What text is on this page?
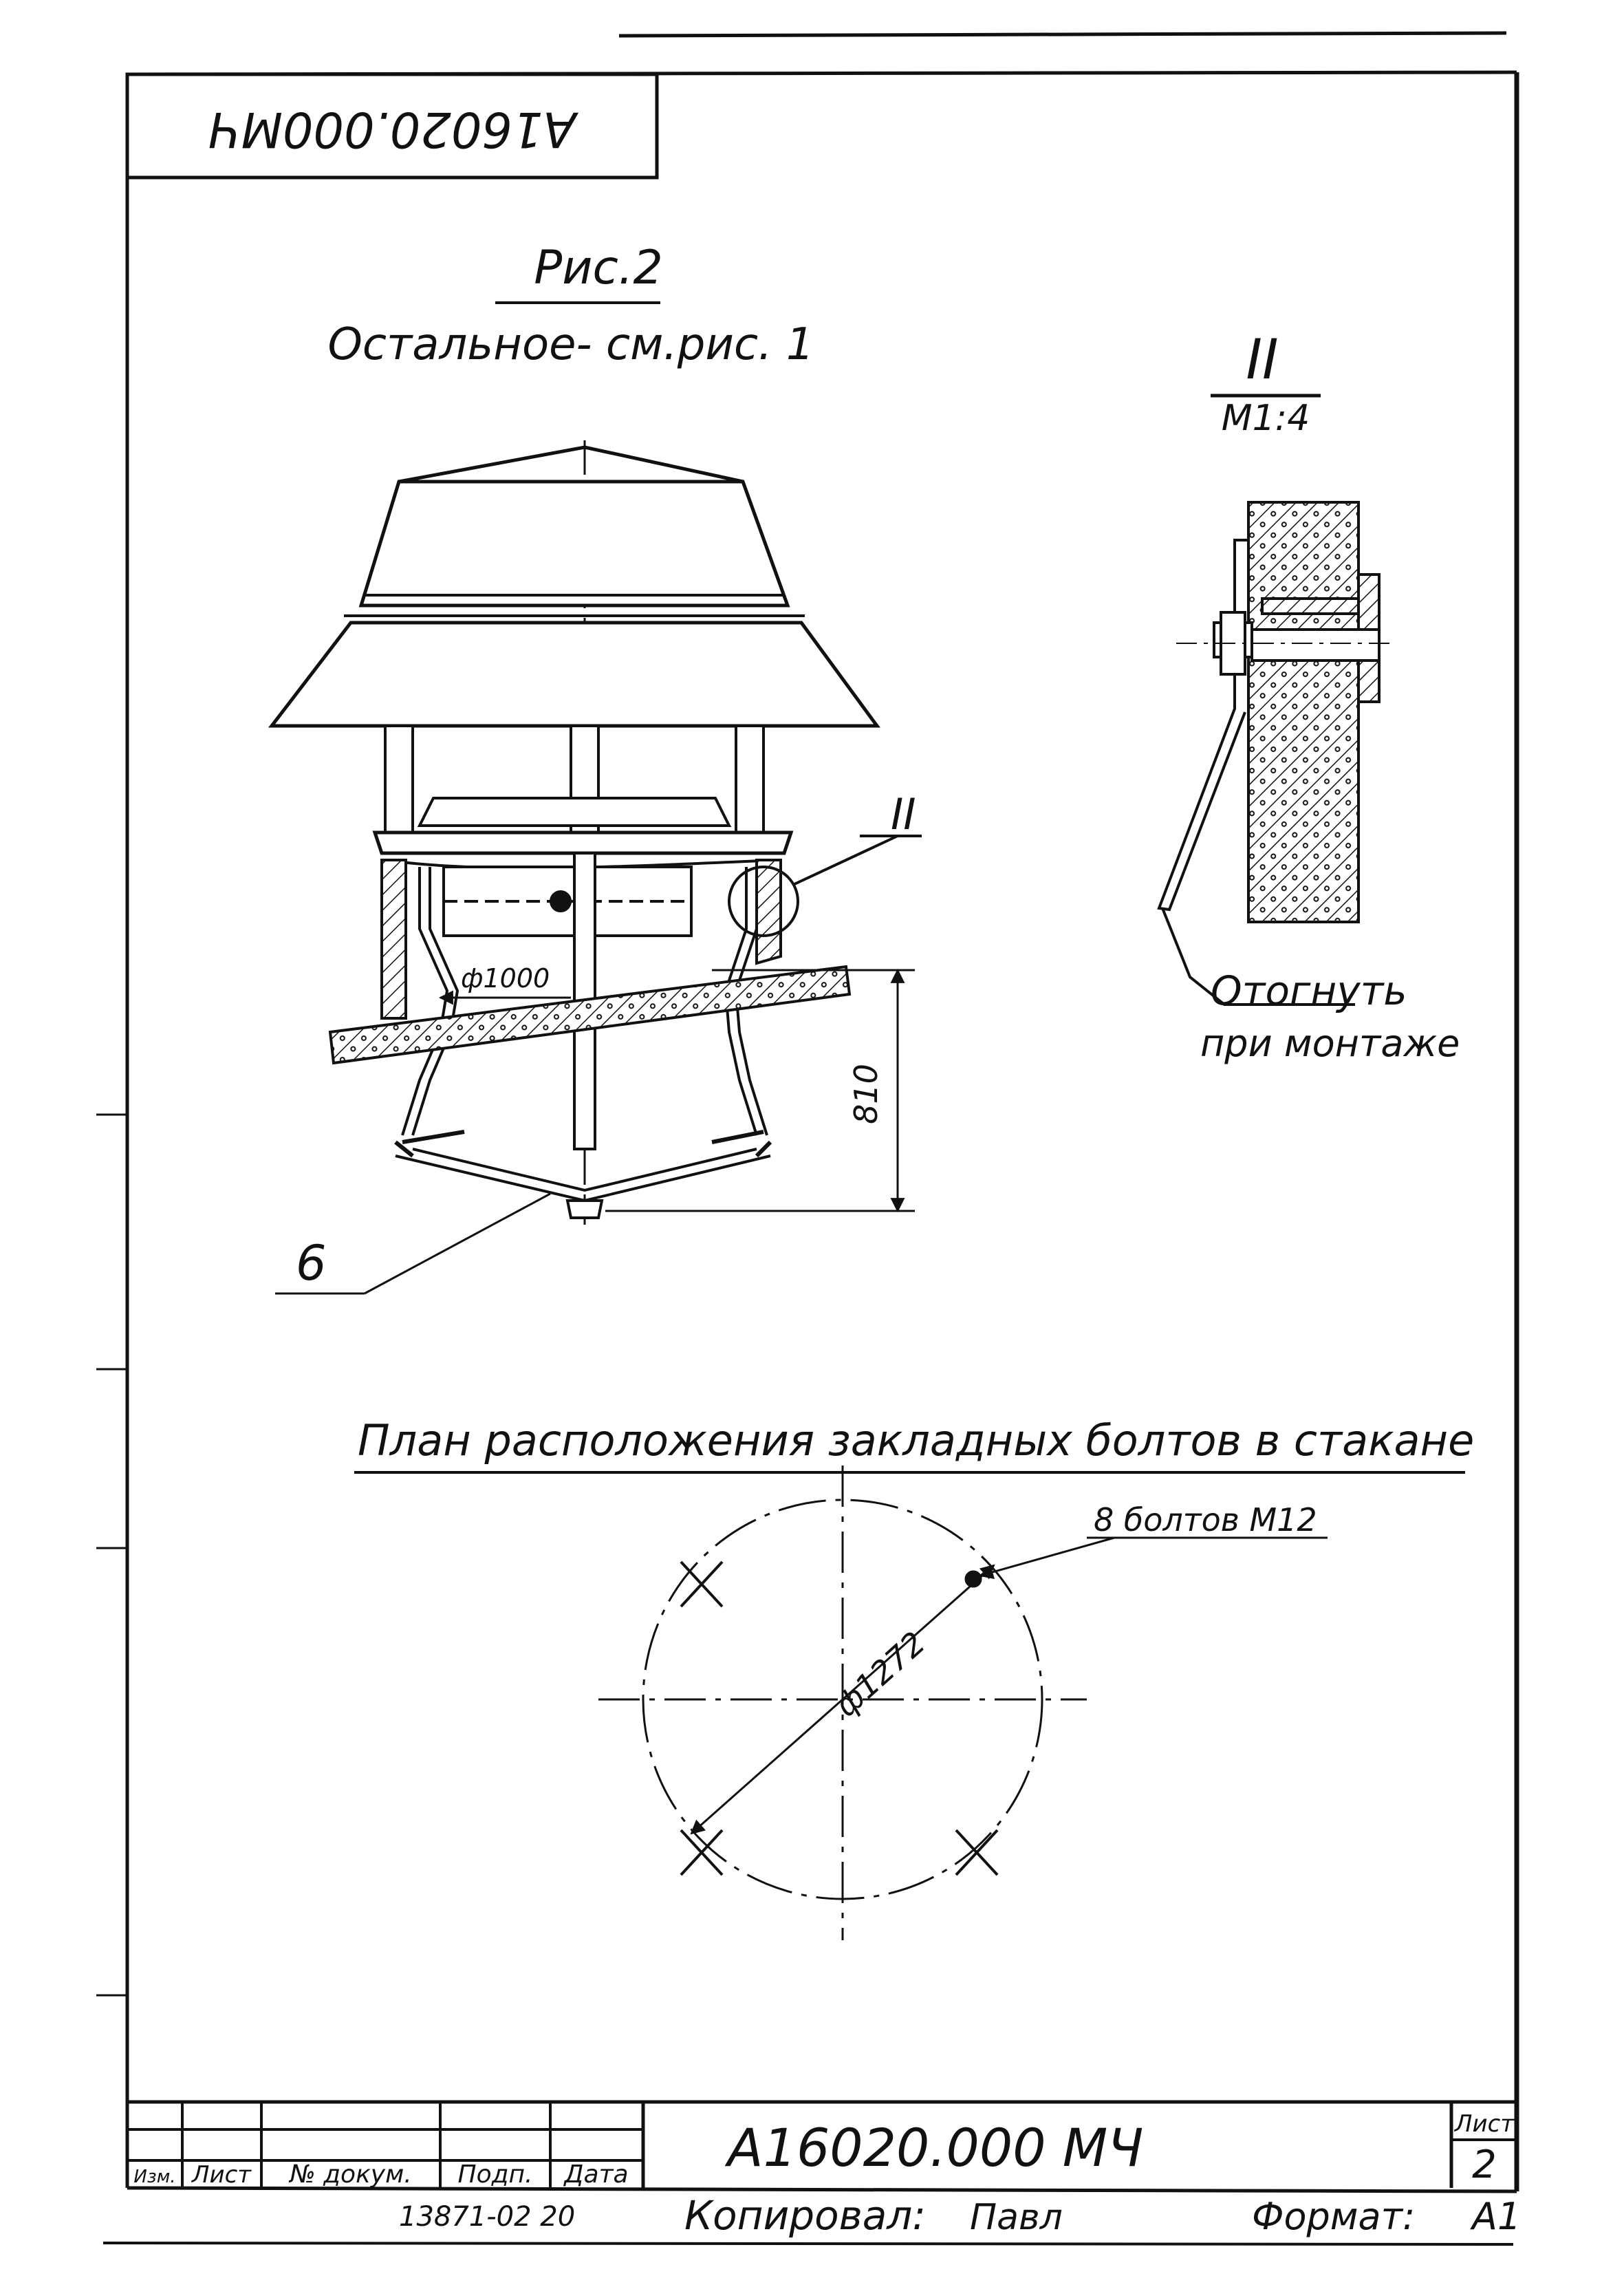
А16020.000МЧ
Рис.2
Остальное- см.рис. 1
II
ф1000
810
6
II
М1:4
Отогнуть
при монтаже
План расположения закладных болтов в стакане
8 болтов М12
ф1272
Изм. Лист № докум. Подп. Дата А16020.000 МЧ	Лист
2
13871-02 20	Копировал: Павл	Формат: А1
